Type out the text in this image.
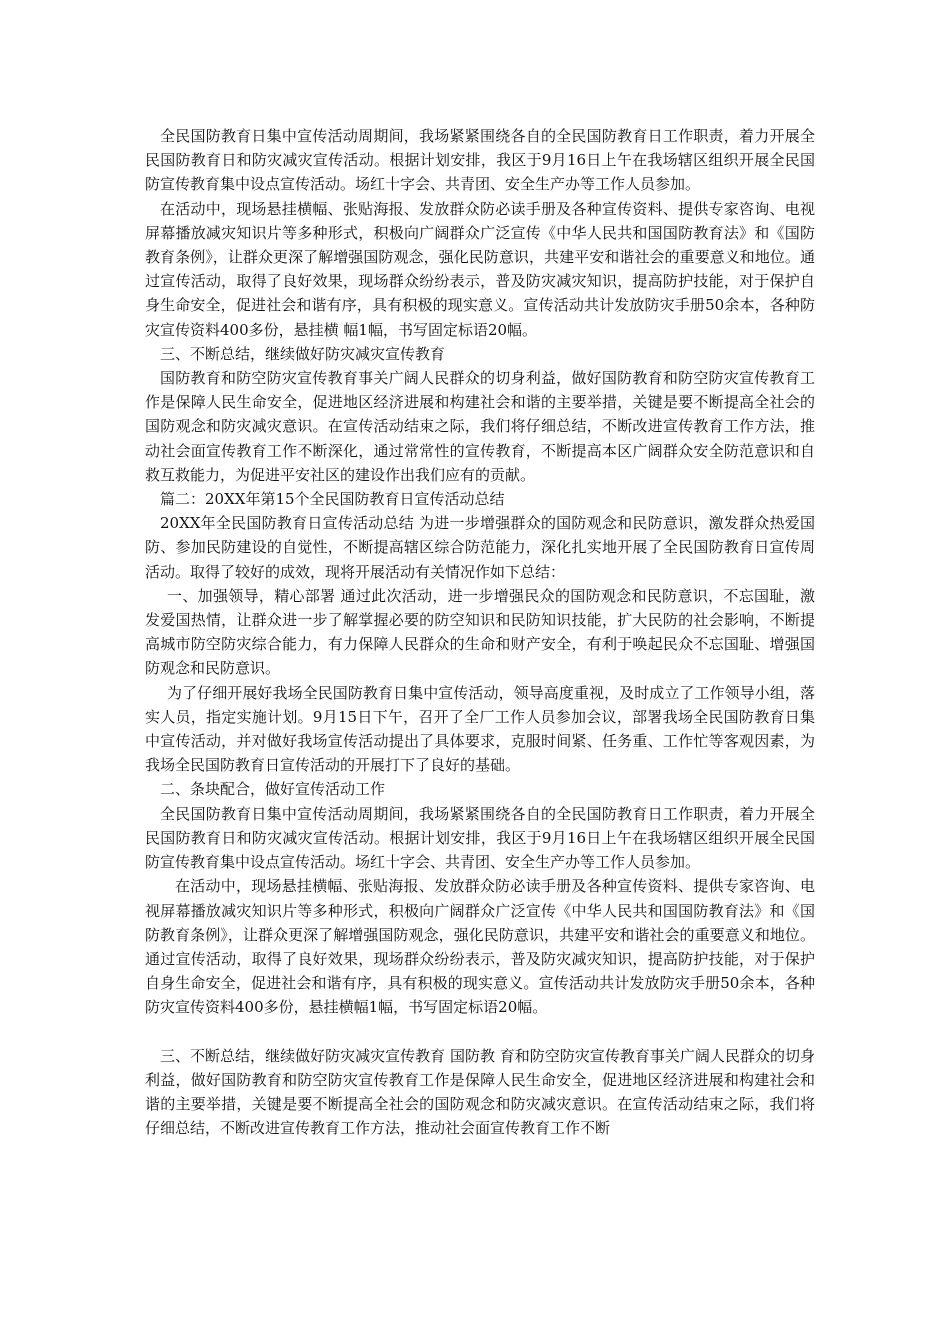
全民国防教育日集中宣传活动周期间，我场紧紧围绕各自的全民国防教育日工作职责，着力开展全民国防教育日和防灾减灾宣传活动。根据计划安排，我区于9月16日上午在我场辖区组织开展全民国防宣传教育集中设点宣传活动。场红十字会、共青团、安全生产办等工作人员参加。

在活动中，现场悬挂横幅、张贴海报、发放群众防必读手册及各种宣传资料、提供专家咨询、电视屏幕播放减灾知识片等多种形式，积极向广阔群众广泛宣传《中华人民共和国国防教育法》和《国防教育条例》，让群众更深了解增强国防观念，强化民防意识，共建平安和谐社会的重要意义和地位。通过宣传活动，取得了良好效果，现场群众纷纷表示，普及防灾减灾知识，提高防护技能，对于保护自身生命安全，促进社会和谐有序，具有积极的现实意义。宣传活动共计发放防灾手册50余本，各种防灾宣传资料400多份，悬挂横 幅1幅，书写固定标语20幅。

三、不断总结，继续做好防灾减灾宣传教育

国防教育和防空防灾宣传教育事关广阔人民群众的切身利益，做好国防教育和防空防灾宣传教育工作是保障人民生命安全，促进地区经济进展和构建社会和谐的主要举措，关键是要不断提高全社会的国防观念和防灾减灾意识。在宣传活动结束之际，我们将仔细总结，不断改进宣传教育工作方法，推动社会面宣传教育工作不断深化，通过常常性的宣传教育，不断提高本区广阔群众安全防范意识和自救互救能力，为促进平安社区的建设作出我们应有的贡献。

篇二：20XX年第15个全民国防教育日宣传活动总结

20XX年全民国防教育日宣传活动总结 为进一步增强群众的国防观念和民防意识，激发群众热爱国防、参加民防建设的自觉性，不断提高辖区综合防范能力，深化扎实地开展了全民国防教育日宣传周活动。取得了较好的成效，现将开展活动有关情况作如下总结：

一、加强领导，精心部署 通过此次活动，进一步增强民众的国防观念和民防意识，不忘国耻，激发爱国热情，让群众进一步了解掌握必要的防空知识和民防知识技能，扩大民防的社会影响，不断提高城市防空防灾综合能力，有力保障人民群众的生命和财产安全，有利于唤起民众不忘国耻、增强国防观念和民防意识。

为了仔细开展好我场全民国防教育日集中宣传活动，领导高度重视，及时成立了工作领导小组，落实人员，指定实施计划。9月15日下午，召开了全厂工作人员参加会议，部署我场全民国防教育日集中宣传活动，并对做好我场宣传活动提出了具体要求，克服时间紧、任务重、工作忙等客观因素，为我场全民国防教育日宣传活动的开展打下了良好的基础。

二、条块配合，做好宣传活动工作

全民国防教育日集中宣传活动周期间，我场紧紧围绕各自的全民国防教育日工作职责，着力开展全民国防教育日和防灾减灾宣传活动。根据计划安排，我区于9月16日上午在我场辖区组织开展全民国防宣传教育集中设点宣传活动。场红十字会、共青团、安全生产办等工作人员参加。

在活动中，现场悬挂横幅、张贴海报、发放群众防必读手册及各种宣传资料、提供专家咨询、电视屏幕播放减灾知识片等多种形式，积极向广阔群众广泛宣传《中华人民共和国国防教育法》和《国防教育条例》，让群众更深了解增强国防观念，强化民防意识，共建平安和谐社会的重要意义和地位。通过宣传活动，取得了良好效果，现场群众纷纷表示，普及防灾减灾知识，提高防护技能，对于保护自身生命安全，促进社会和谐有序，具有积极的现实意义。宣传活动共计发放防灾手册50余本，各种防灾宣传资料400多份，悬挂横幅1幅，书写固定标语20幅。

三、不断总结，继续做好防灾减灾宣传教育 国防教 育和防空防灾宣传教育事关广阔人民群众的切身利益，做好国防教育和防空防灾宣传教育工作是保障人民生命安全，促进地区经济进展和构建社会和谐的主要举措，关键是要不断提高全社会的国防观念和防灾减灾意识。在宣传活动结束之际，我们将仔细总结，不断改进宣传教育工作方法，推动社会面宣传教育工作不断
